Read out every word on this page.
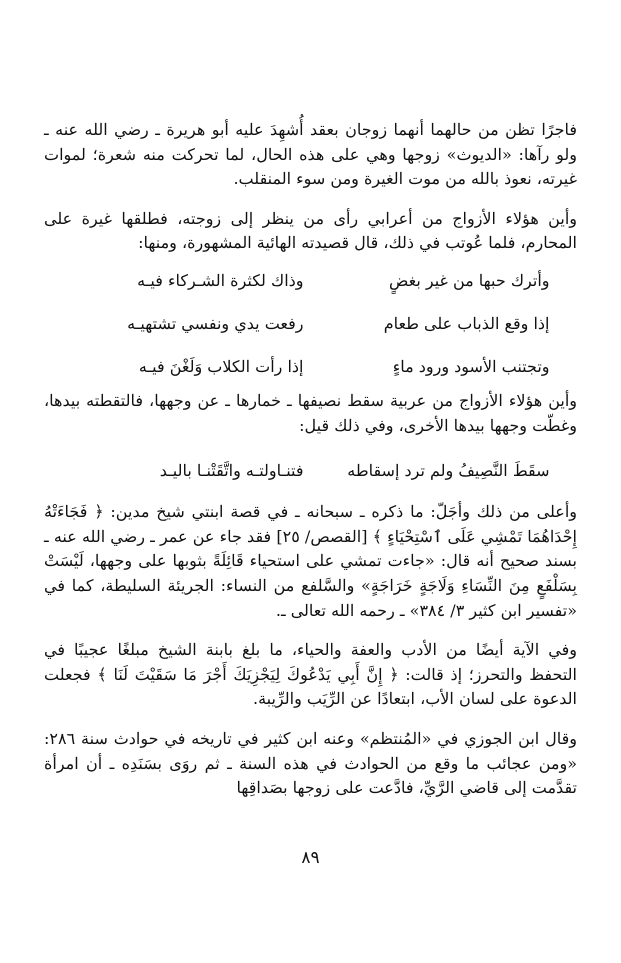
فاجرًا تظن من حالهما أنهما زوجان بعقد أُشهِدَ عليه أبو هريرة ـ رضي الله عنه ـ ولو رآها: «الديوث» زوجها وهي على هذه الحال، لما تحركت منه شعرة؛ لموات غيرته، نعوذ بالله من موت الغيرة ومن سوء المنقلب.

وأين هؤلاء الأزواج من أعرابي رأى من ينظر إلى زوجته، فطلقها غيرة على المحارم، فلما عُوتب في ذلك، قال قصيدته الهائية المشهورة، ومنها:

وأترك حبها من غير بغضٍ
وذاك لكثرة الشـركاء فيـه
إذا وقع الذباب على طعام
رفعت يدي ونفسي تشتهيـه
وتجتنب الأسود ورود ماءٍ
إذا رأت الكلاب وَلَغْنَ فيـه

وأين هؤلاء الأزواج من عربية سقط نصيفها ـ خمارها ـ عن وجهها، فالتقطته بيدها، وغطّت وجهها بيدها الأخرى، وفي ذلك قيل:

سقَطَ النَّصِيفُ ولم ترد إسقاطه
فتنـاولتـه واتَّقَتْنـا باليـد

وأعلى من ذلك وأجَلّ: ما ذكره ـ سبحانه ـ في قصة ابنتي شيخ مدين: ﴿ فَجَاءَتْهُ إِحْدَاهُمَا تَمْشِي عَلَى ٱسْتِحْيَاءٍ ﴾ [القصص/ ٢٥] فقد جاء عن عمر ـ رضي الله عنه ـ بسند صحيح أنه قال: «جاءت تمشي على استحياء قَائِلَةً بثوبها على وجهها، لَيْسَتْ بِسَلْفَعٍ مِنَ النِّسَاءِ وَلَاجَةٍ خَرَاجَةٍ» والسَّلفع من النساء: الجريئة السليطة، كما في «تفسير ابن كثير ٣/ ٣٨٤» ـ رحمه الله تعالى ـ.

وفي الآية أيضًا من الأدب والعفة والحياء، ما بلغ بابنة الشيخ مبلغًا عجيبًا في التحفظ والتحرز؛ إذ قالت: ﴿ إِنَّ أَبِي يَدْعُوكَ لِيَجْزِيَكَ أَجْرَ مَا سَقَيْتَ لَنَا ﴾ فجعلت الدعوة على لسان الأب، ابتعادًا عن الرِّيَب والرِّيبة.

وقال ابن الجوزي في «المُنتظم» وعنه ابن كثير في تاريخه في حوادث سنة ٢٨٦: «ومن عجائب ما وقع من الحوادث في هذه السنة ـ ثم روَى بسَنَدِه ـ أن امرأة تقدَّمت إلى قاضي الرَّيِّ، فادَّعت على زوجها بصَداقِها

٨٩
